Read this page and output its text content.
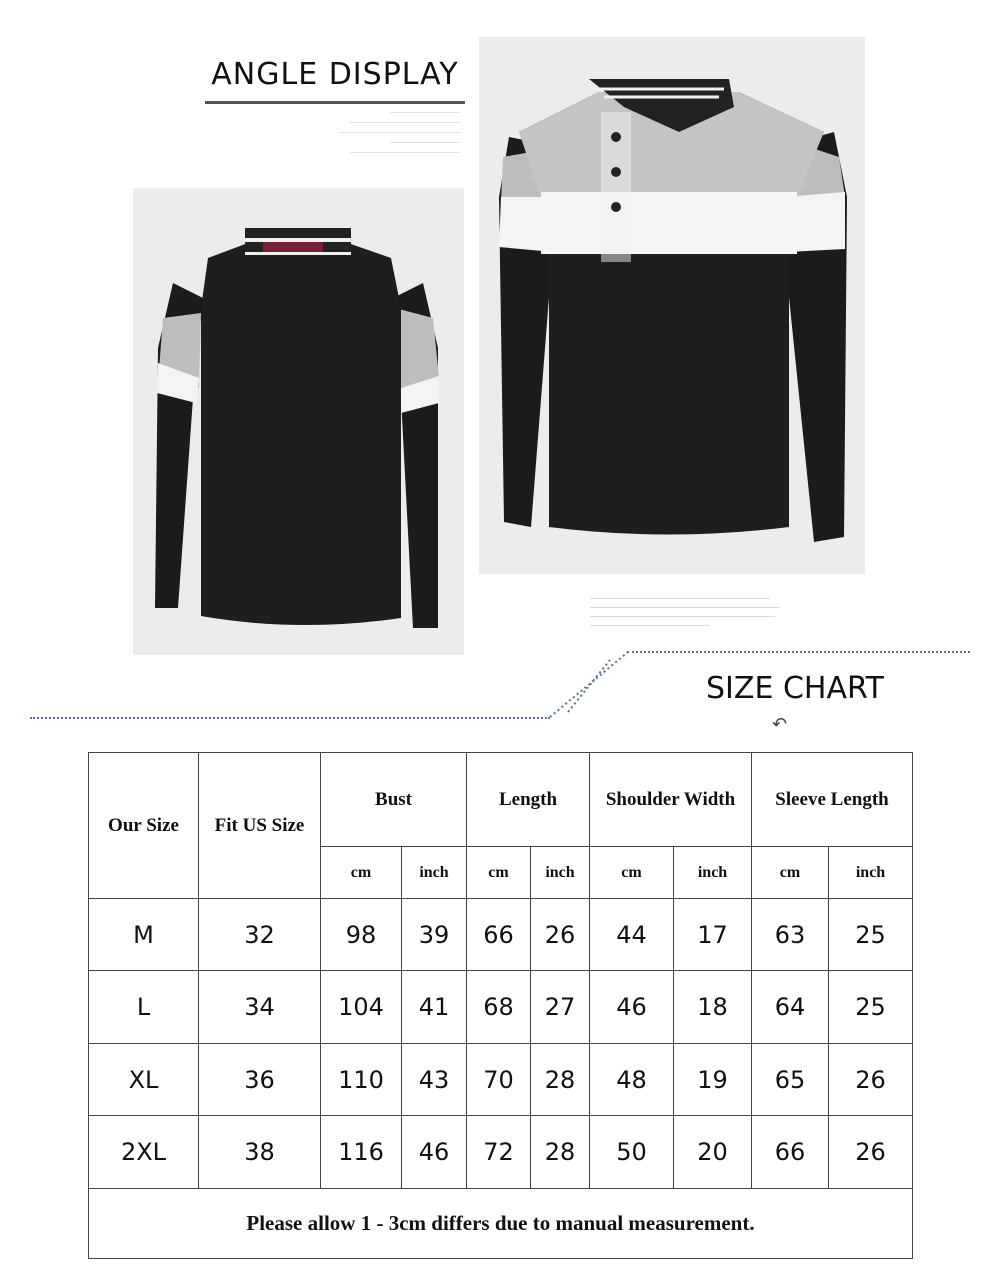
ANGLE DISPLAY
SIZE CHART
↶
Our Size	Fit US Size	Bust		Length		Shoulder Width		Sleeve Length	
		cm	inch	cm	inch	cm	inch	cm	inch
M	32	98	39	66	26	44	17	63	25
L	34	104	41	68	27	46	18	64	25
XL	36	110	43	70	28	48	19	65	26
2XL	38	116	46	72	28	50	20	66	26
Please allow 1 - 3cm differs due to manual measurement.									
